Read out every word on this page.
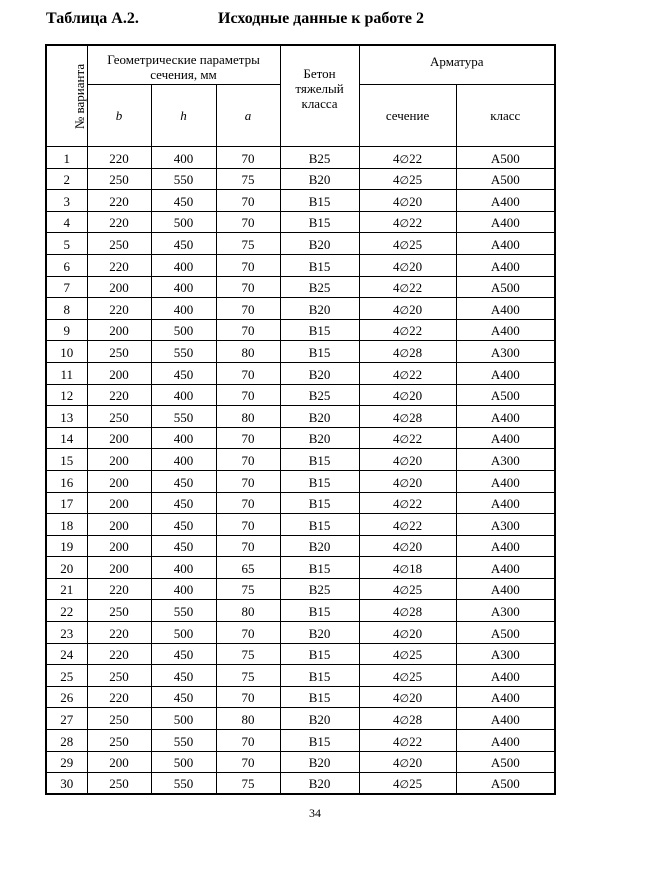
Таблица А.2.	Исходные данные к работе 2
№ варианта	Геометрические параметры сечения, мм			Бетон тяжелый класса	Арматура	
	b	h	a		сечение	класс
1	220	400	70	B25	4∅22	A500
2	250	550	75	B20	4∅25	A500
3	220	450	70	B15	4∅20	A400
4	220	500	70	B15	4∅22	A400
5	250	450	75	B20	4∅25	A400
6	220	400	70	B15	4∅20	A400
7	200	400	70	B25	4∅22	A500
8	220	400	70	B20	4∅20	A400
9	200	500	70	B15	4∅22	A400
10	250	550	80	B15	4∅28	A300
11	200	450	70	B20	4∅22	A400
12	220	400	70	B25	4∅20	A500
13	250	550	80	B20	4∅28	A400
14	200	400	70	B20	4∅22	A400
15	200	400	70	B15	4∅20	A300
16	200	450	70	B15	4∅20	A400
17	200	450	70	B15	4∅22	A400
18	200	450	70	B15	4∅22	A300
19	200	450	70	B20	4∅20	A400
20	200	400	65	B15	4∅18	A400
21	220	400	75	B25	4∅25	A400
22	250	550	80	B15	4∅28	A300
23	220	500	70	B20	4∅20	A500
24	220	450	75	B15	4∅25	A300
25	250	450	75	B15	4∅25	A400
26	220	450	70	B15	4∅20	A400
27	250	500	80	B20	4∅28	A400
28	250	550	70	B15	4∅22	A400
29	200	500	70	B20	4∅20	A500
30	250	550	75	B20	4∅25	A500
34
